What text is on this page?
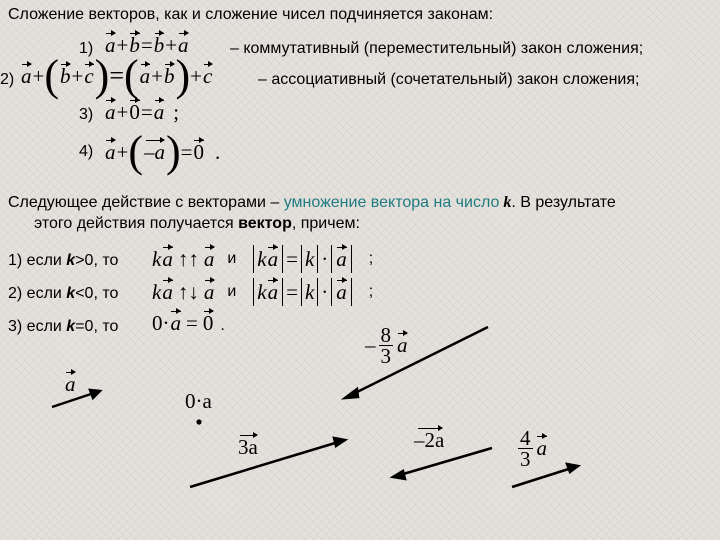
Сложение векторов, как и сложение чисел подчиняется законам:
1) a+b=b+a	– коммутативный (переместительный) закон сложения;
2) a + ( b + c ) = ( a + b ) + c	– ассоциативный (сочетательный) закон сложения;
3) a+0=a ;
4) a + ( –a ) = 0 .
Следующее действие с векторами – умножение вектора на число k. В результате
этого действия получается вектор, причем:
1) если k>0, то k a ↑↑ a и k a = k · a ;
2) если k<0, то k a ↑↓ a и k a = k · a ;
3) если k=0, то 0·a = 0 .
a
0·a
– $\frac{8}{3}$ a
3a	–2a	$\frac{4}{3}$ a
